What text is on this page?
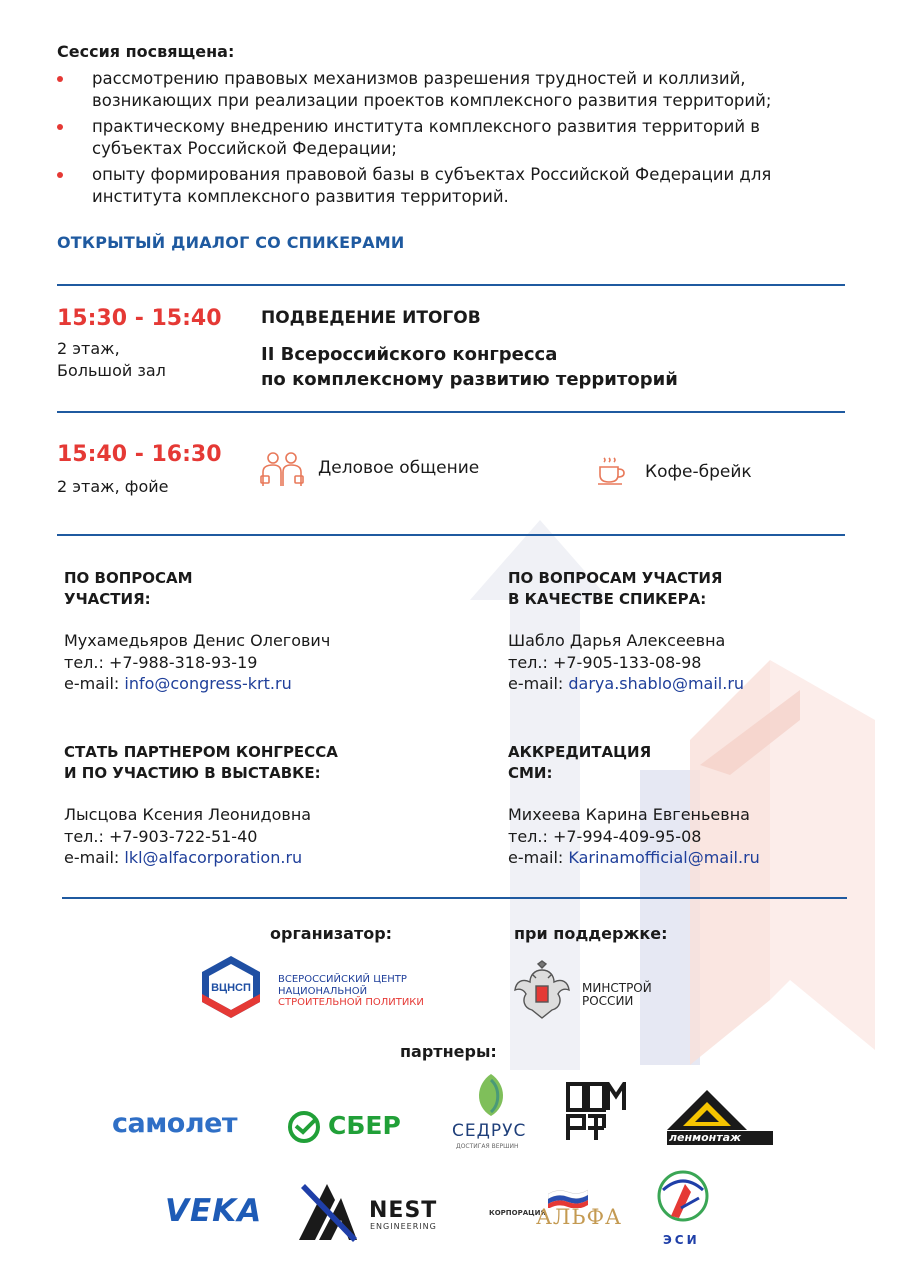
Сессия посвящена:
рассмотрению правовых механизмов разрешения трудностей и коллизий, возникающих при реализации проектов комплексного развития территорий;
практическому внедрению института комплексного развития территорий в субъектах Российской Федерации;
опыту формирования правовой базы в субъектах Российской Федерации для института комплексного развития территорий.
ОТКРЫТЫЙ ДИАЛОГ СО СПИКЕРАМИ
15:30 - 15:40
2 этаж,
Большой зал
ПОДВЕДЕНИЕ ИТОГОВ
II Всероссийского конгресса
по комплексному развитию территорий
15:40 - 16:30
2 этаж, фойе
Деловое общение	Кофе-брейк
ПО ВОПРОСАМ
УЧАСТИЯ:
Мухамедьяров Денис Олегович
тел.: +7-988-318-93-19
e-mail: info@congress-krt.ru
ПО ВОПРОСАМ УЧАСТИЯ
В КАЧЕСТВЕ СПИКЕРА:
Шабло Дарья Алексеевна
тел.: +7-905-133-08-98
e-mail: darya.shablo@mail.ru
СТАТЬ ПАРТНЕРОМ КОНГРЕССА
И ПО УЧАСТИЮ В ВЫСТАВКЕ:
Лысцова Ксения Леонидовна
тел.: +7-903-722-51-40
e-mail: lkl@alfacorporation.ru
АККРЕДИТАЦИЯ
СМИ:
Михеева Карина Евгеньевна
тел.: +7-994-409-95-08
e-mail: Karinamofficial@mail.ru
организатор:	при поддержке:
ВЦНСП
ВСЕРОССИЙСКИЙ ЦЕНТР
НАЦИОНАЛЬНОЙ
СТРОИТЕЛЬНОЙ ПОЛИТИКИ
МИНСТРОЙ
РОССИИ
партнеры:
самолет	СБЕР	СЕДРУС
ДОСТИГАЯ ВЕРШИН
ленмонтаж
VEKA	NEST
ENGINEERING
КОРПОРАЦИЯ
АЛЬФА
ЭСИ
